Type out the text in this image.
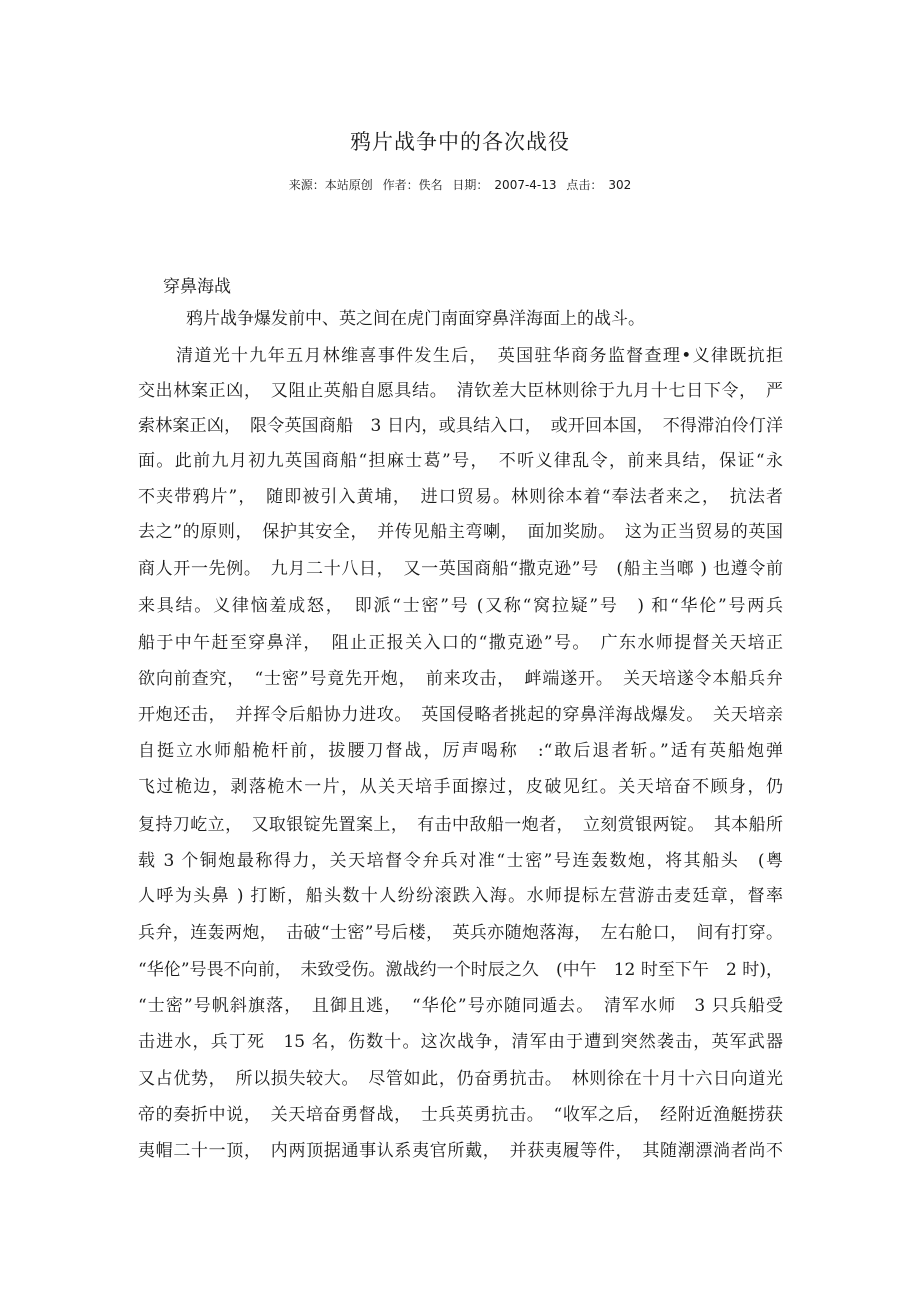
鸦片战争中的各次战役
来源：本站原创 作者：佚名 日期： 2007-4-13 点击： 302
穿鼻海战
鸦片战争爆发前中、英之间在虎门南面穿鼻洋海面上的战斗。
清道光十九年五月林维喜事件发生后，　英国驻华商务监督查理•义律既抗拒
交出林案正凶，　又阻止英船自愿具结。　清钦差大臣林则徐于九月十七日下令，　严
索林案正凶，　限令英国商船　3 日内，或具结入口，　或开回本国，　不得滞泊伶仃洋
面。此前九月初九英国商船“担麻士葛”号，　不听义律乱令，前来具结，保证“永
不夹带鸦片”，　随即被引入黄埔，　进口贸易。林则徐本着“奉法者来之，　抗法者
去之”的原则，　保护其安全，　并传见船主弯喇，　面加奖励。　这为正当贸易的英国
商人开一先例。　九月二十八日，　又一英国商船“撒克逊”号　(船主当啷 ) 也遵令前
来具结。义律恼羞成怒，　即派“士密”号 (又称“窝拉疑”号　) 和“华伦”号两兵
船于中午赶至穿鼻洋，　阻止正报关入口的“撒克逊”号。　广东水师提督关天培正
欲向前查究，　“士密”号竟先开炮，　前来攻击，　衅端遂开。　关天培遂令本船兵弁
开炮还击，　并挥令后船协力进攻。　英国侵略者挑起的穿鼻洋海战爆发。　关天培亲
自挺立水师船桅杆前，拔腰刀督战，厉声喝称　:“敢后退者斩。”适有英船炮弹
飞过桅边，剥落桅木一片，从关天培手面擦过，皮破见红。关天培奋不顾身，仍
复持刀屹立，　又取银锭先置案上，　有击中敌船一炮者，　立刻赏银两锭。　其本船所
载 3 个铜炮最称得力，关天培督令弁兵对准“士密”号连轰数炮，将其船头　(粤
人呼为头鼻 ) 打断，船头数十人纷纷滚跌入海。水师提标左营游击麦廷章，督率
兵弁，连轰两炮，　击破“士密”号后楼，　英兵亦随炮落海，　左右舱口，　间有打穿。
“华伦”号畏不向前，　未致受伤。激战约一个时辰之久　(中午　12 时至下午　2 时)，
“士密”号帆斜旗落，　且御且逃，　“华伦”号亦随同遁去。　清军水师　3 只兵船受
击进水，兵丁死　15 名，伤数十。这次战争，清军由于遭到突然袭击，英军武器
又占优势，　所以损失较大。　尽管如此，仍奋勇抗击。　林则徐在十月十六日向道光
帝的奏折中说，　关天培奋勇督战，　士兵英勇抗击。　“收军之后，　经附近渔艇捞获
夷帽二十一顶，　内两顶据通事认系夷官所戴，　并获夷履等件，　其随潮漂淌者尚不
